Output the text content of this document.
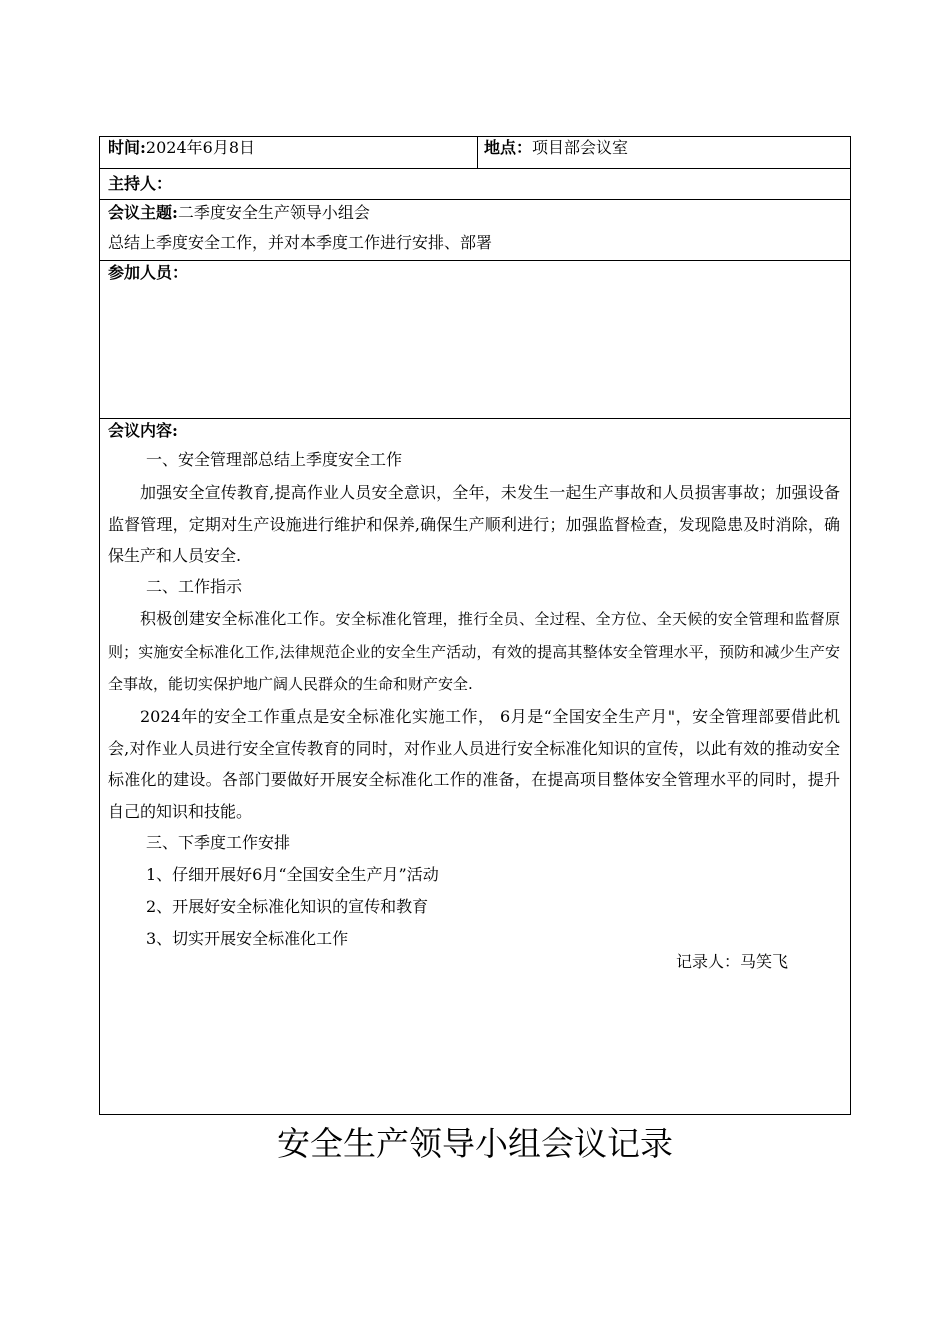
时间:2024年6月8日	地点：项目部会议室
主持人：
会议主题:二季度安全生产领导小组会
总结上季度安全工作，并对本季度工作进行安排、部署
参加人员：
会议内容:
一、安全管理部总结上季度安全工作
加强安全宣传教育,提高作业人员安全意识，全年，未发生一起生产事故和人员损害事故；加强设备监督管理，定期对生产设施进行维护和保养,确保生产顺利进行；加强监督检查，发现隐患及时消除，确保生产和人员安全.
二、工作指示
积极创建安全标准化工作。安全标准化管理，推行全员、全过程、全方位、全天候的安全管理和监督原则；实施安全标准化工作,法律规范企业的安全生产活动，有效的提高其整体安全管理水平，预防和减少生产安全事故，能切实保护地广阔人民群众的生命和财产安全.
2024年的安全工作重点是安全标准化实施工作， 6月是“全国安全生产月"，安全管理部要借此机会,对作业人员进行安全宣传教育的同时，对作业人员进行安全标准化知识的宣传，以此有效的推动安全标准化的建设。各部门要做好开展安全标准化工作的准备，在提高项目整体安全管理水平的同时，提升自己的知识和技能。
三、下季度工作安排
1、仔细开展好6月“全国安全生产月”活动
2、开展好安全标准化知识的宣传和教育
3、切实开展安全标准化工作
记录人：马笑飞
安全生产领导小组会议记录
